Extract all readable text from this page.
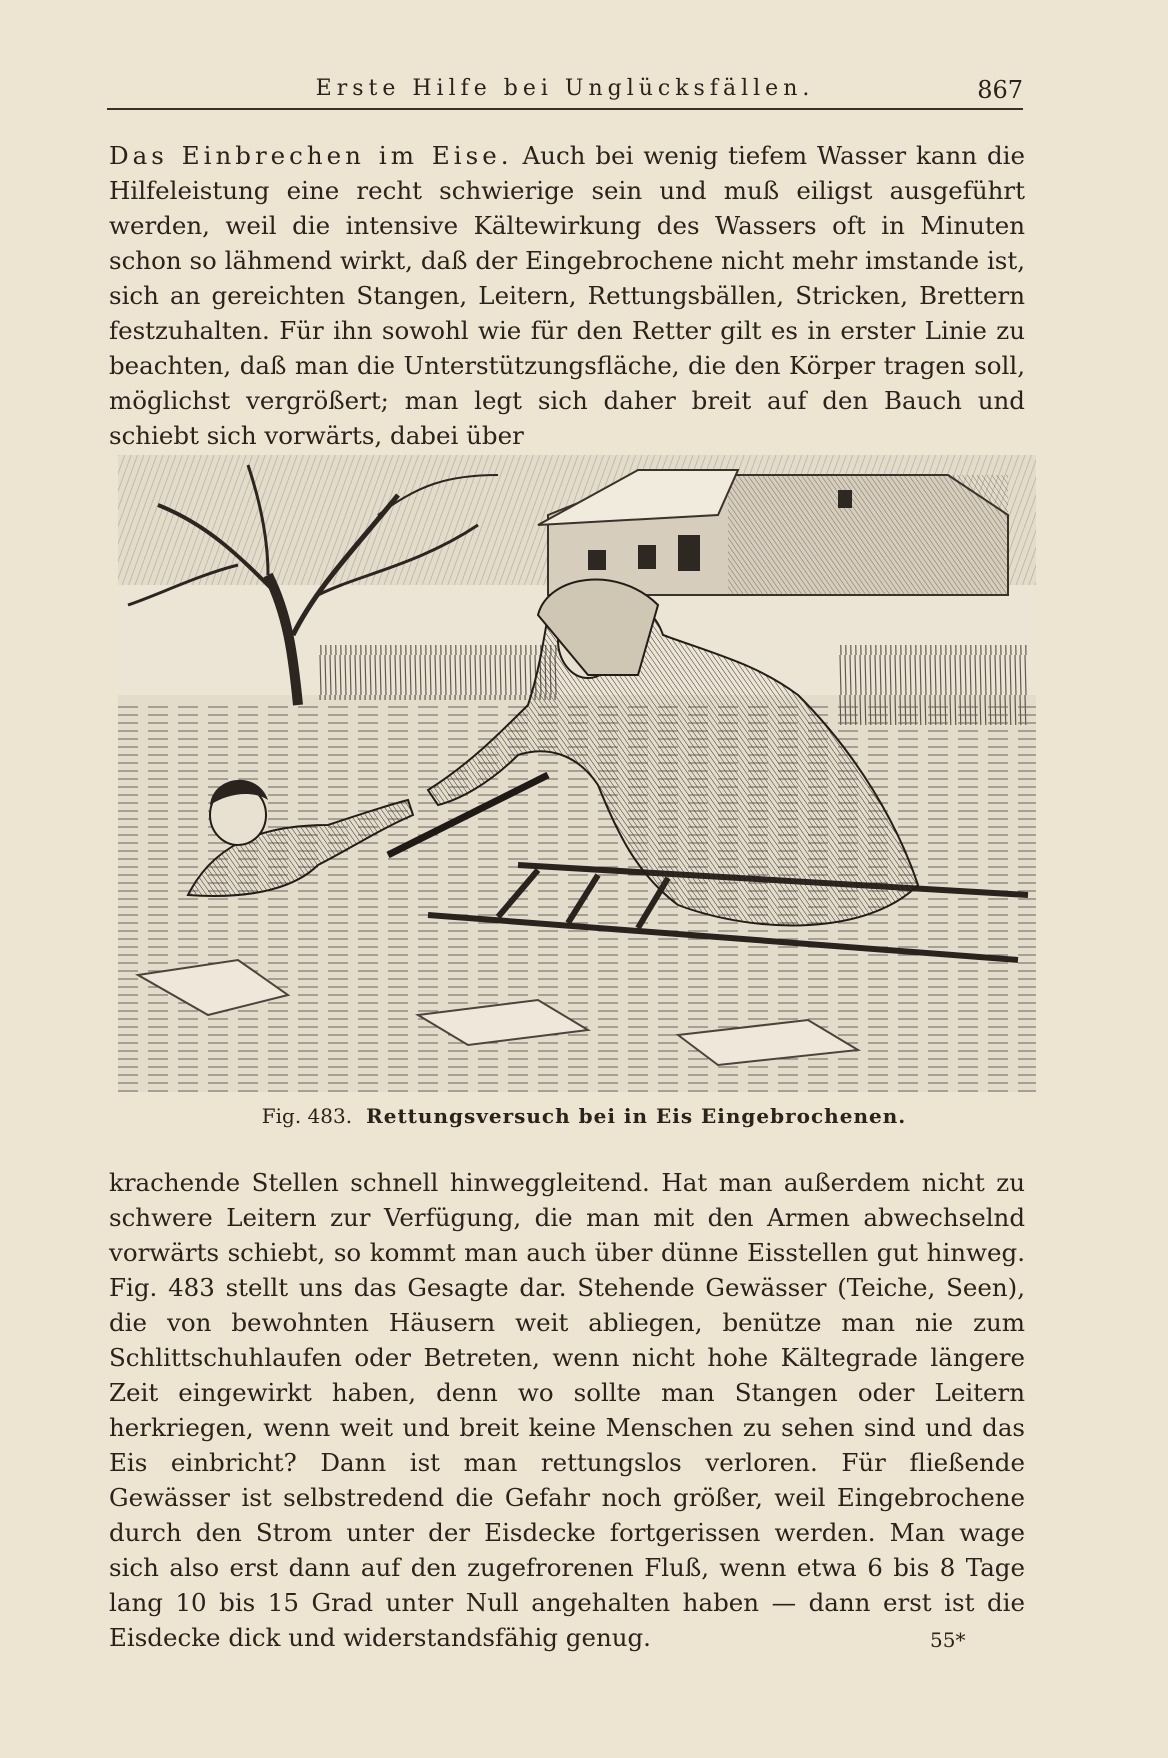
Erste Hilfe bei Unglücksfällen.	867
Das Einbrechen im Eise. Auch bei wenig tiefem Wasser kann die Hilfeleistung eine recht schwierige sein und muß eiligst ausgeführt werden, weil die intensive Kältewirkung des Wassers oft in Minuten schon so lähmend wirkt, daß der Eingebrochene nicht mehr imstande ist, sich an gereichten Stangen, Leitern, Rettungsbällen, Stricken, Brettern festzuhalten. Für ihn sowohl wie für den Retter gilt es in erster Linie zu beachten, daß man die Unterstützungsfläche, die den Körper tragen soll, möglichst vergrößert; man legt sich daher breit auf den Bauch und schiebt sich vorwärts, dabei über
Fig. 483. Rettungsversuch bei in Eis Eingebrochenen.
krachende Stellen schnell hinweggleitend. Hat man außerdem nicht zu schwere Leitern zur Verfügung, die man mit den Armen abwechselnd vorwärts schiebt, so kommt man auch über dünne Eisstellen gut hinweg. Fig. 483 stellt uns das Gesagte dar. Stehende Gewässer (Teiche, Seen), die von bewohnten Häusern weit abliegen, benütze man nie zum Schlittschuhlaufen oder Betreten, wenn nicht hohe Kältegrade längere Zeit eingewirkt haben, denn wo sollte man Stangen oder Leitern herkriegen, wenn weit und breit keine Menschen zu sehen sind und das Eis einbricht? Dann ist man rettungslos verloren. Für fließende Gewässer ist selbstredend die Gefahr noch größer, weil Eingebrochene durch den Strom unter der Eisdecke fortgerissen werden. Man wage sich also erst dann auf den zugefrorenen Fluß, wenn etwa 6 bis 8 Tage lang 10 bis 15 Grad unter Null angehalten haben — dann erst ist die Eisdecke dick und widerstandsfähig genug.	55*
